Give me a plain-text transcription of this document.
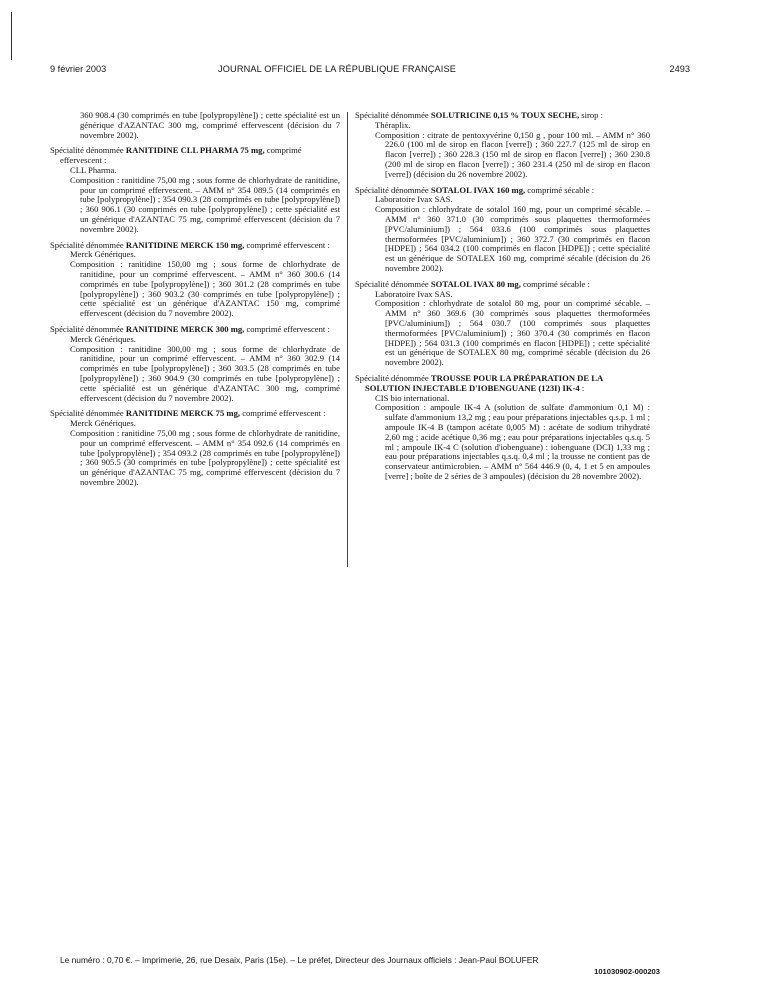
9 février 2003	JOURNAL OFFICIEL DE LA RÉPUBLIQUE FRANÇAISE	2493
360 908.4 (30 comprimés en tube [polypropylène]) ; cette spécialité est un générique d'AZANTAC 300 mg, comprimé effervescent (décision du 7 novembre 2002).
Spécialité dénommée RANITIDINE CLL PHARMA 75 mg, comprimé effervescent :
CLL Pharma.
Composition : ranitidine 75,00 mg ; sous forme de chlorhydrate de ranitidine, pour un comprimé effervescent. – AMM n° 354 089.5 (14 comprimés en tube [polypropylène]) ; 354 090.3 (28 comprimés en tube [polypropylène]) ; 360 906.1 (30 comprimés en tube [polypropylène]) ; cette spécialité est un générique d'AZANTAC 75 mg, comprimé effervescent (décision du 7 novembre 2002).
Spécialité dénommée RANITIDINE MERCK 150 mg, comprimé effervescent :
Merck Génériques.
Composition : ranitidine 150,00 mg ; sous forme de chlorhydrate de ranitidine, pour un comprimé effervescent. – AMM n° 360 300.6 (14 comprimés en tube [polypropylène]) ; 360 301.2 (28 comprimés en tube [polypropylène]) ; 360 903.2 (30 comprimés en tube [polypropylène]) ; cette spécialité est un générique d'AZANTAC 150 mg, comprimé effervescent (décision du 7 novembre 2002).
Spécialité dénommée RANITIDINE MERCK 300 mg, comprimé effervescent :
Merck Génériques.
Composition : ranitidine 300,00 mg ; sous forme de chlorhydrate de ranitidine, pour un comprimé effervescent. – AMM n° 360 302.9 (14 comprimés en tube [polypropylène]) ; 360 303.5 (28 comprimés en tube [polypropylène]) ; 360 904.9 (30 comprimés en tube [polypropylène]) ; cette spécialité est un générique d'AZANTAC 300 mg, comprimé effervescent (décision du 7 novembre 2002).
Spécialité dénommée RANITIDINE MERCK 75 mg, comprimé effervescent :
Merck Génériques.
Composition : ranitidine 75,00 mg ; sous forme de chlorhydrate de ranitidine, pour un comprimé effervescent. – AMM n° 354 092.6 (14 comprimés en tube [polypropylène]) ; 354 093.2 (28 comprimés en tube [polypropylène]) ; 360 905.5 (30 comprimés en tube [polypropylène]) ; cette spécialité est un générique d'AZANTAC 75 mg, comprimé effervescent (décision du 7 novembre 2002).
Spécialité dénommée SOLUTRICINE 0,15 % TOUX SECHE, sirop :
Théraplix.
Composition : citrate de pentoxyvérine 0,150 g , pour 100 ml. – AMM n° 360 226.0 (100 ml de sirop en flacon [verre]) ; 360 227.7 (125 ml de sirop en flacon [verre]) ; 360 228.3 (150 ml de sirop en flacon [verre]) ; 360 230.8 (200 ml de sirop en flacon [verre]) ; 360 231.4 (250 ml de sirop en flacon [verre]) (décision du 26 novembre 2002).
Spécialité dénommée SOTALOL IVAX 160 mg, comprimé sécable :
Laboratoire Ivax SAS.
Composition : chlorhydrate de sotalol 160 mg, pour un comprimé sécable. – AMM n° 360 371.0 (30 comprimés sous plaquettes thermoformées [PVC/aluminium]) ; 564 033.6 (100 comprimés sous plaquettes thermoformées [PVC/aluminium]) ; 360 372.7 (30 comprimés en flacon [HDPE]) ; 564 034.2 (100 comprimés en flacon [HDPE]) ; cette spécialité est un générique de SOTALEX 160 mg, comprimé sécable (décision du 26 novembre 2002).
Spécialité dénommée SOTALOL IVAX 80 mg, comprimé sécable :
Laboratoire Ivax SAS.
Composition : chlorhydrate de sotalol 80 mg, pour un comprimé sécable. – AMM n° 360 369.6 (30 comprimés sous plaquettes thermoformées [PVC/aluminium]) ; 564 030.7 (100 comprimés sous plaquettes thermoformées [PVC/aluminium]) ; 360 370.4 (30 comprimés en flacon [HDPE]) ; 564 031.3 (100 comprimés en flacon [HDPE]) ; cette spécialité est un générique de SOTALEX 80 mg, comprimé sécable (décision du 26 novembre 2002).
Spécialité dénommée TROUSSE POUR LA PRÉPARATION DE LA SOLUTION INJECTABLE D'IOBENGUANE (123I) IK-4 :
CIS bio international.
Composition : ampoule IK-4 A (solution de sulfate d'ammonium 0,1 M) : sulfate d'ammonium 13,2 mg ; eau pour préparations injectables q.s.p. 1 ml ; ampoule IK-4 B (tampon acétate 0,005 M) : acétate de sodium trihydraté 2,60 mg ; acide acétique 0,36 mg ; eau pour préparations injectables q.s.q. 5 ml ; ampoule IK-4 C (solution d'iobenguane) : iobenguane (DCI) 1,33 mg ; eau pour préparations injectables q.s.q. 0,4 ml ; la trousse ne contient pas de conservateur antimicrobien. – AMM n° 564 446.9 (0, 4, 1 et 5 en ampoules [verre] ; boîte de 2 séries de 3 ampoules) (décision du 28 novembre 2002).
Le numéro : 0,70 €. – Imprimerie, 26, rue Desaix, Paris (15e). – Le préfet, Directeur des Journaux officiels : Jean-Paul BOLUFER
101030902-000203
